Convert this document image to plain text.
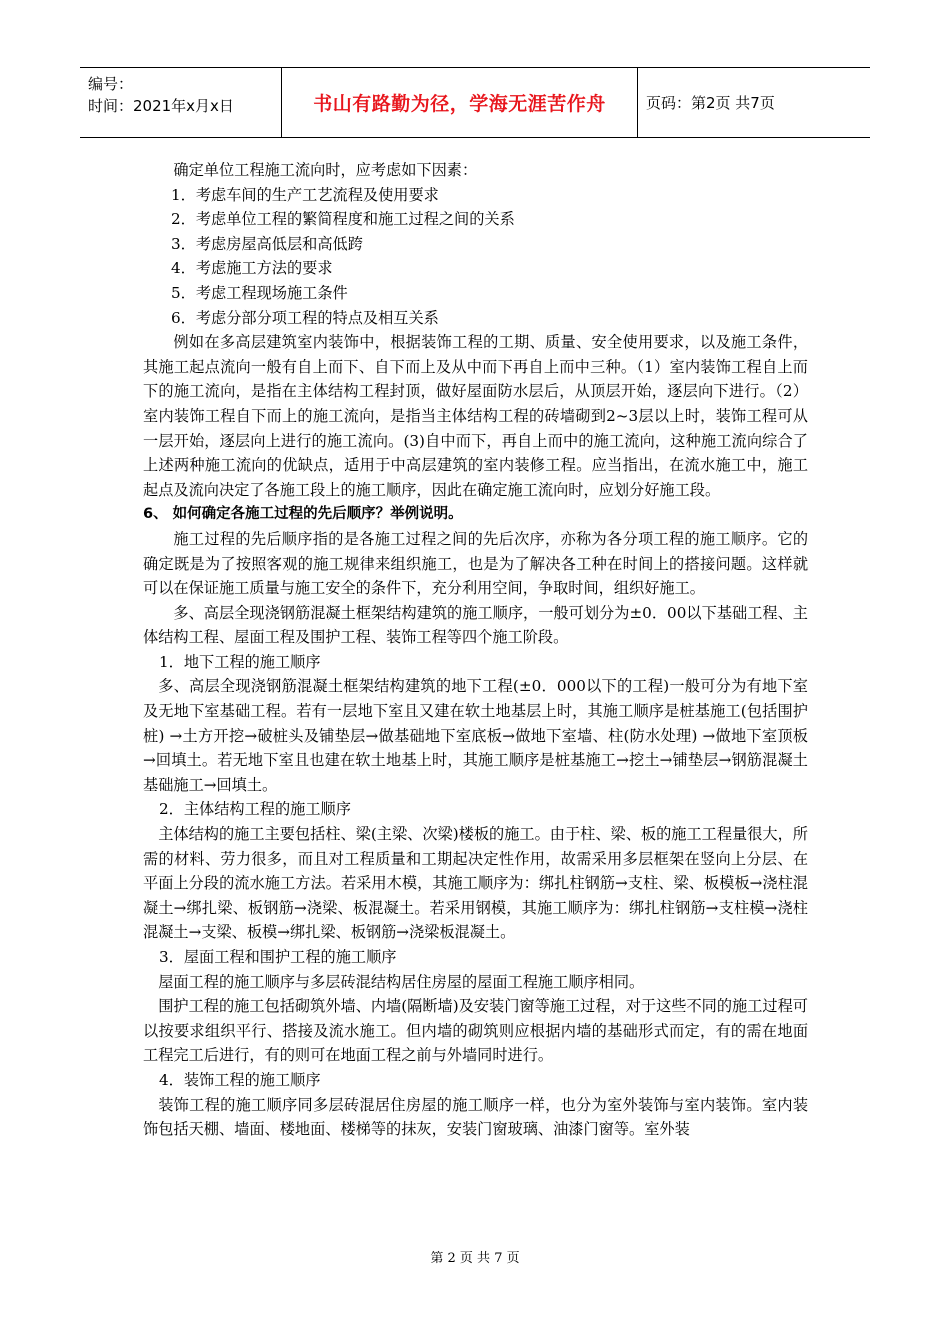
编号：
时间：2021年x月x日	书山有路勤为径，学海无涯苦作舟	页码：第2页 共7页

确定单位工程施工流向时，应考虑如下因素：

1．考虑车间的生产工艺流程及使用要求

2．考虑单位工程的繁简程度和施工过程之间的关系

3．考虑房屋高低层和高低跨

4．考虑施工方法的要求

5．考虑工程现场施工条件

6．考虑分部分项工程的特点及相互关系

例如在多高层建筑室内装饰中，根据装饰工程的工期、质量、安全使用要求，以及施工条件，其施工起点流向一般有自上而下、自下而上及从中而下再自上而中三种。（1）室内装饰工程自上而下的施工流向，是指在主体结构工程封顶，做好屋面防水层后，从顶层开始，逐层向下进行。（2）室内装饰工程自下而上的施工流向，是指当主体结构工程的砖墙砌到2~3层以上时，装饰工程可从一层开始，逐层向上进行的施工流向。(3)自中而下，再自上而中的施工流向，这种施工流向综合了上述两种施工流向的优缺点，适用于中高层建筑的室内装修工程。应当指出，在流水施工中，施工起点及流向决定了各施工段上的施工顺序，因此在确定施工流向时，应划分好施工段。

6、 如何确定各施工过程的先后顺序？举例说明。

施工过程的先后顺序指的是各施工过程之间的先后次序，亦称为各分项工程的施工顺序。它的确定既是为了按照客观的施工规律来组织施工，也是为了解决各工种在时间上的搭接问题。这样就可以在保证施工质量与施工安全的条件下，充分利用空间，争取时间，组织好施工。

多、高层全现浇钢筋混凝土框架结构建筑的施工顺序，一般可划分为±0．00以下基础工程、主体结构工程、屋面工程及围护工程、装饰工程等四个施工阶段。

1．地下工程的施工顺序

多、高层全现浇钢筋混凝土框架结构建筑的地下工程(±0．000以下的工程)一般可分为有地下室及无地下室基础工程。若有一层地下室且又建在软土地基层上时，其施工顺序是桩基施工(包括围护桩) →土方开挖→破桩头及铺垫层→做基础地下室底板→做地下室墙、柱(防水处理) →做地下室顶板→回填土。若无地下室且也建在软土地基上时，其施工顺序是桩基施工→挖土→铺垫层→钢筋混凝土基础施工→回填土。

2．主体结构工程的施工顺序

主体结构的施工主要包括柱、梁(主梁、次梁)楼板的施工。由于柱、梁、板的施工工程量很大，所需的材料、劳力很多，而且对工程质量和工期起决定性作用，故需采用多层框架在竖向上分层、在平面上分段的流水施工方法。若采用木模，其施工顺序为：绑扎柱钢筋→支柱、梁、板模板→浇柱混凝土→绑扎梁、板钢筋→浇梁、板混凝土。若采用钢模，其施工顺序为：绑扎柱钢筋→支柱模→浇柱混凝土→支梁、板模→绑扎梁、板钢筋→浇梁板混凝土。

3．屋面工程和围护工程的施工顺序

屋面工程的施工顺序与多层砖混结构居住房屋的屋面工程施工顺序相同。

围护工程的施工包括砌筑外墙、内墙(隔断墙)及安装门窗等施工过程，对于这些不同的施工过程可以按要求组织平行、搭接及流水施工。但内墙的砌筑则应根据内墙的基础形式而定，有的需在地面工程完工后进行，有的则可在地面工程之前与外墙同时进行。

4．装饰工程的施工顺序

装饰工程的施工顺序同多层砖混居住房屋的施工顺序一样，也分为室外装饰与室内装饰。室内装饰包括天棚、墙面、楼地面、楼梯等的抹灰，安装门窗玻璃、油漆门窗等。室外装

第 2 页 共 7 页
